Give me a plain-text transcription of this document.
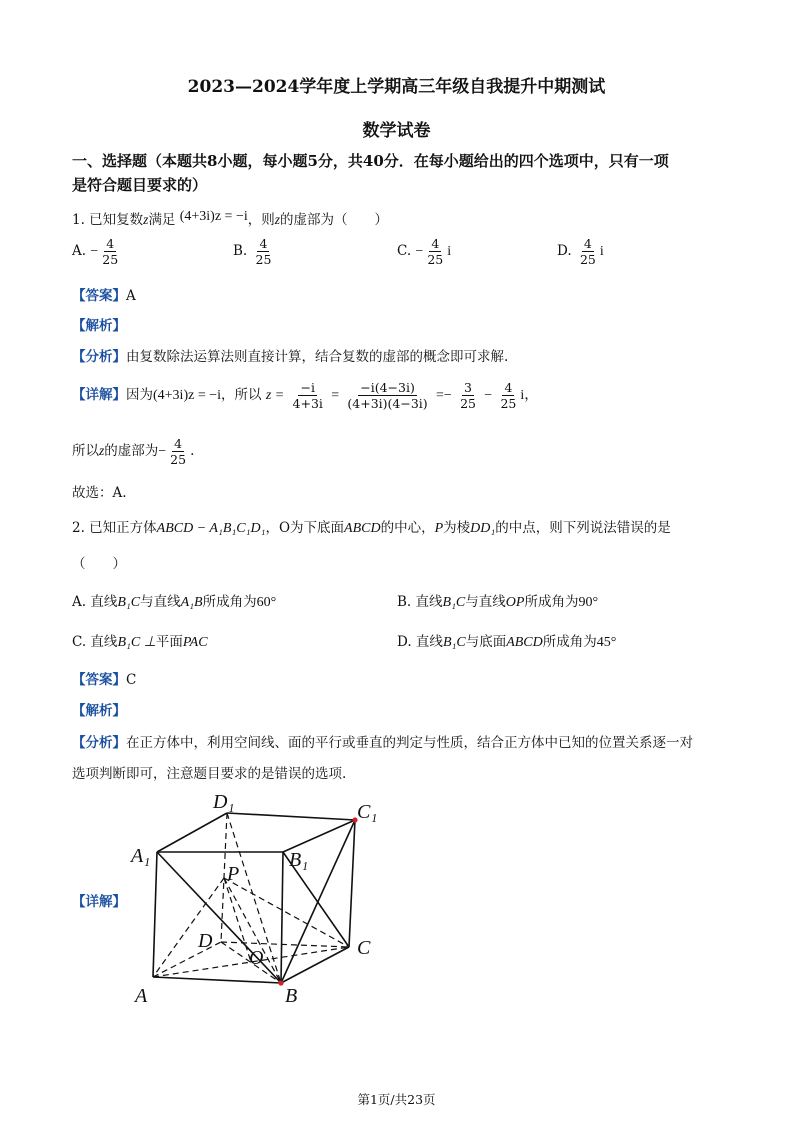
2023—2024学年度上学期高三年级自我提升中期测试
数学试卷
一、选择题（本题共8小题，每小题5分，共40分．在每小题给出的四个选项中，只有一项
是符合题目要求的）
1. 已知复数z满足 (4+3i)z = −i，则z的虚部为（　　）
A. − $\frac{4}{25}$	B. $\frac{4}{25}$	C. − $\frac{4}{25}$ i	D. $\frac{4}{25}$ i
【答案】A
【解析】
【分析】由复数除法运算法则直接计算，结合复数的虚部的概念即可求解.
【详解】因为(4+3i)z = −i，所以 $z = \frac{-i}{4+3i} = \frac{-i(4-3i)}{(4+3i)(4-3i)} =- \frac{3}{25} - \frac{4}{25}$ i，
所以z的虚部为− $\frac{4}{25}$ .
故选：A.
2. 已知正方体ABCD − A₁B₁C₁D₁，O为下底面ABCD的中心，P为棱DD₁的中点，则下列说法错误的是
（　　）
A. 直线B₁C与直线A₁B所成角为60°	B. 直线B₁C与直线OP所成角为90°
C. 直线B₁C ⊥平面PAC	D. 直线B₁C与底面ABCD所成角为45°
【答案】C
【解析】
【分析】在正方体中，利用空间线、面的平行或垂直的判定与性质，结合正方体中已知的位置关系逐一对
选项判断即可，注意题目要求的是错误的选项.
【详解】
D₁	C₁
A₁	B₁
P
D
O	C
A	B
第1页/共23页
